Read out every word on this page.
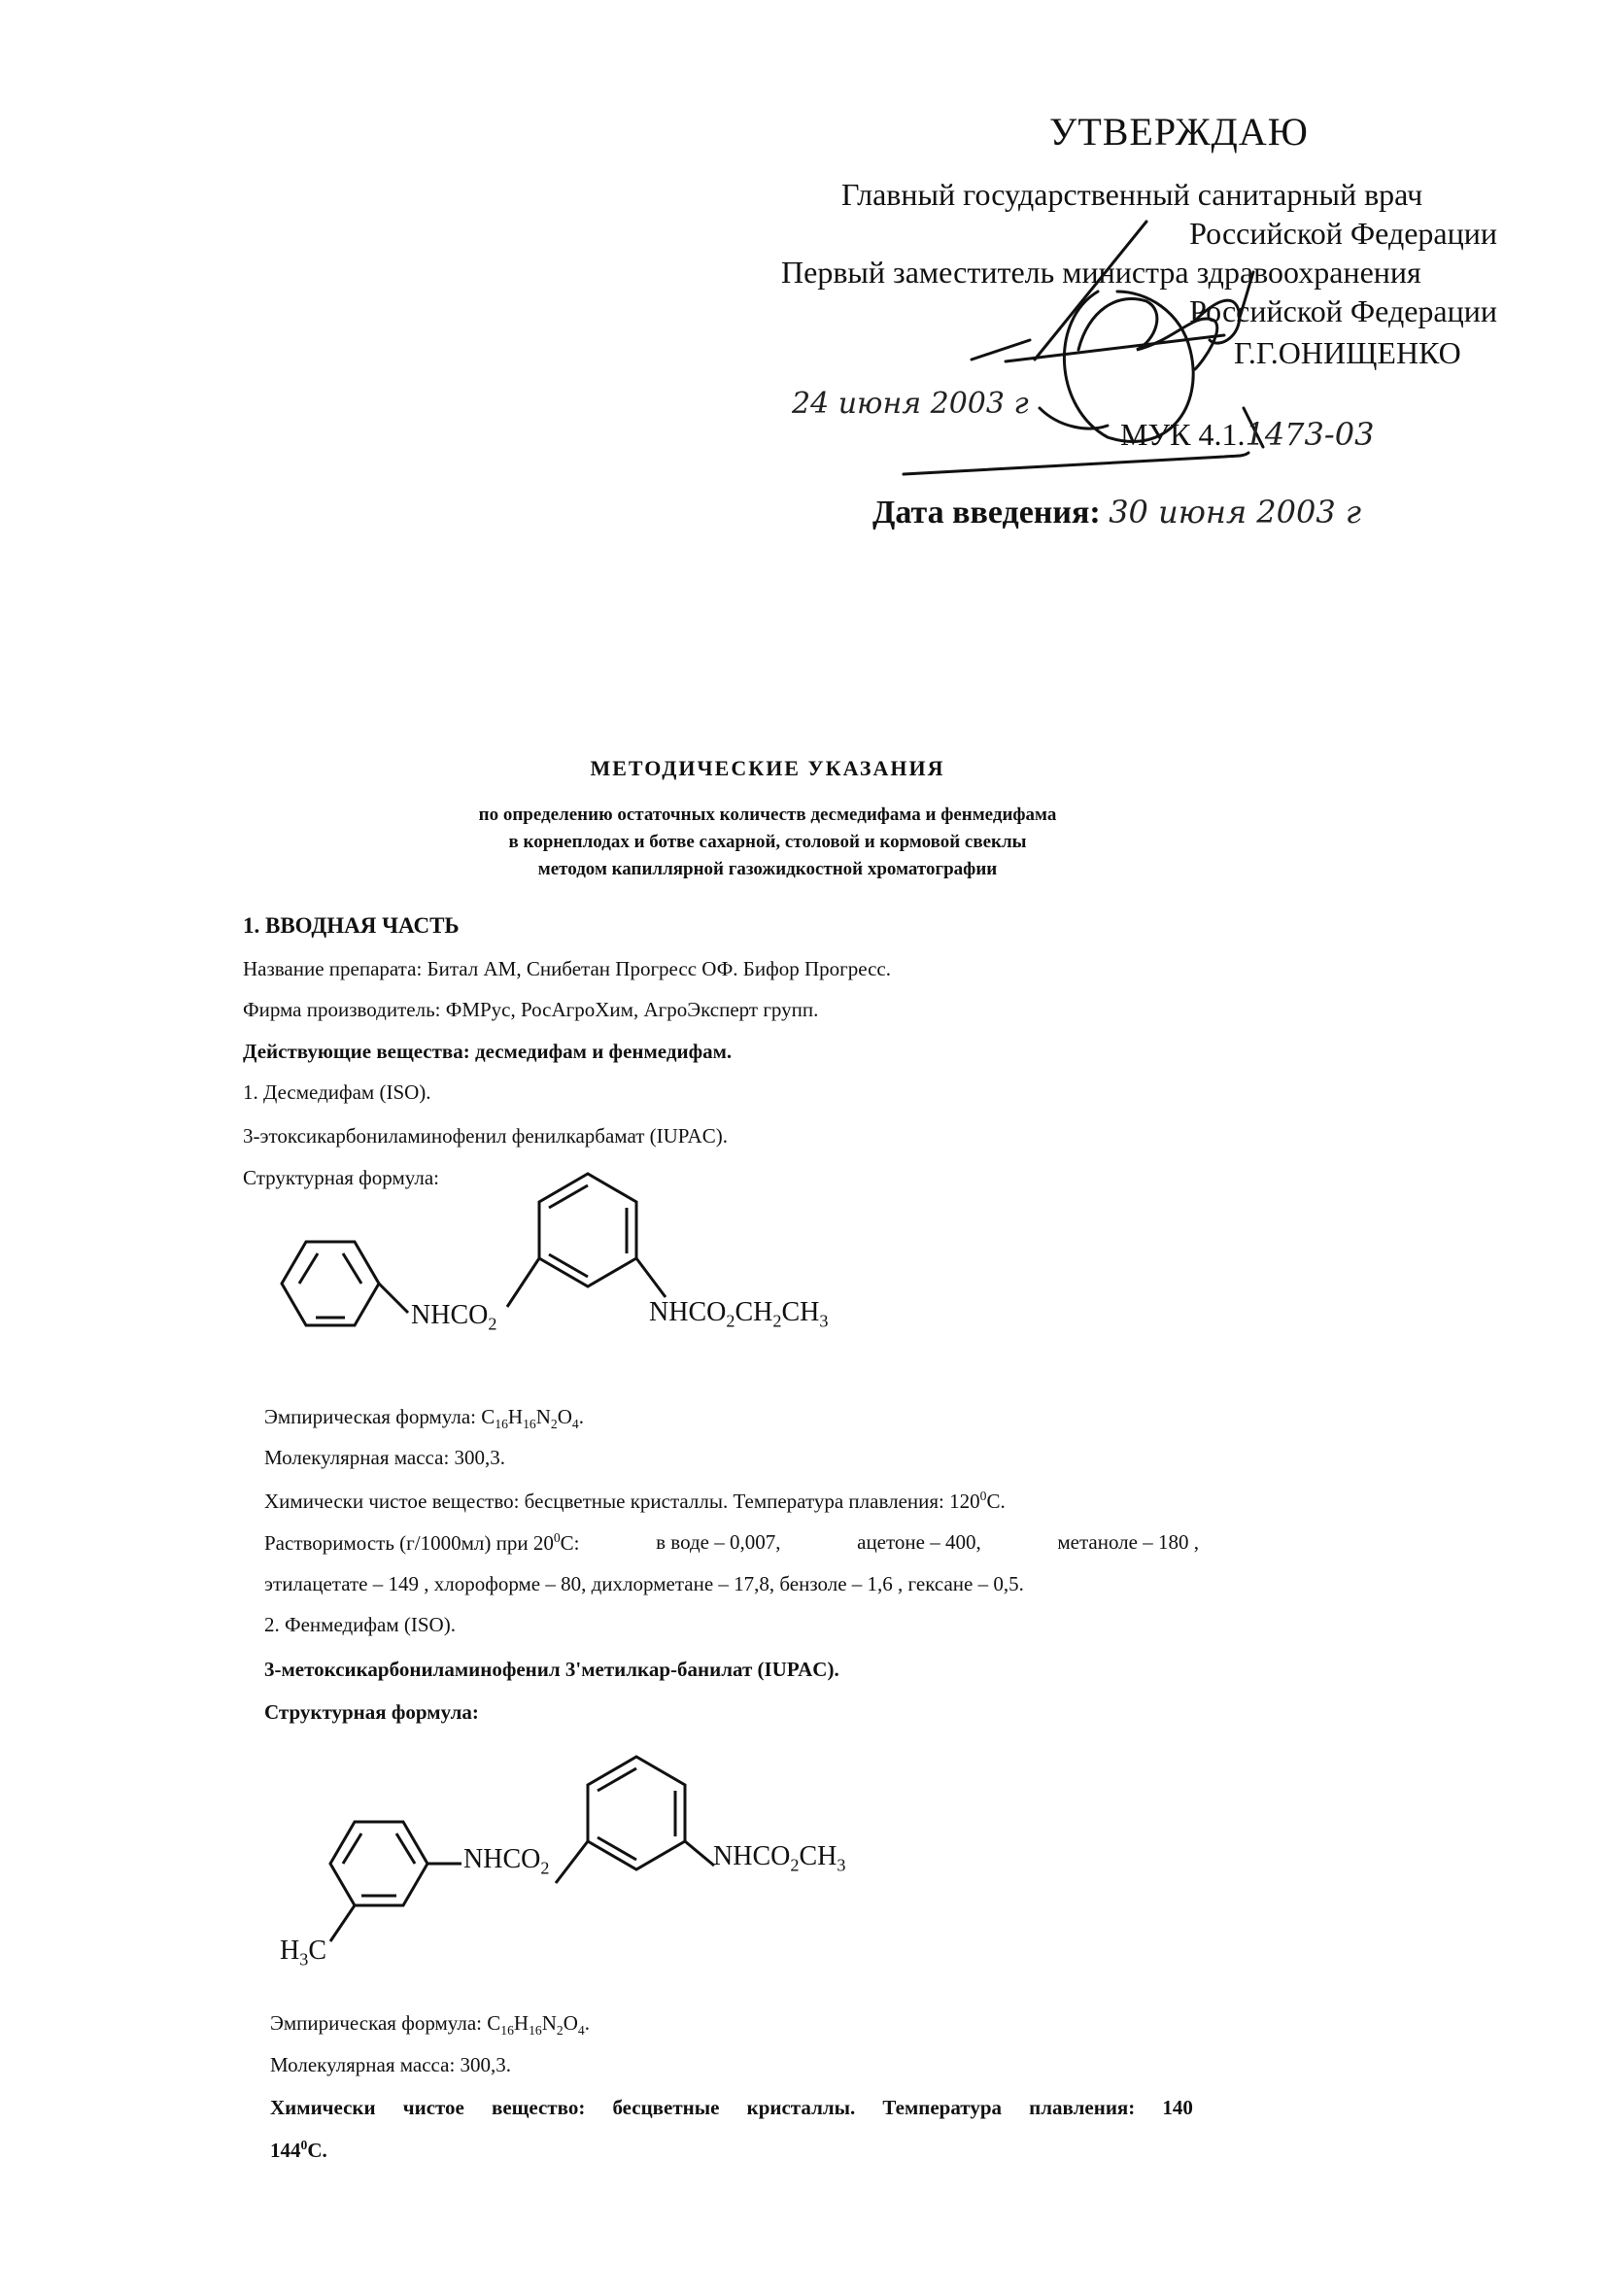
УТВЕРЖДАЮ
Главный государственный санитарный врач
Российской Федерации
Первый заместитель министра здравоохранения
Российской Федерации
Г.Г.ОНИЩЕНКО
24 июня 2003 г
МУК 4.1.1473-03
Дата введения: 30 июня 2003 г
МЕТОДИЧЕСКИЕ УКАЗАНИЯ
по определению остаточных количеств десмедифама и фенмедифама
в корнеплодах и ботве сахарной, столовой и кормовой свеклы
методом капиллярной газожидкостной хроматографии
1. ВВОДНАЯ ЧАСТЬ
Название препарата: Битал АМ, Снибетан Прогресс ОФ. Бифор Прогресс.
Фирма производитель: ФМРус, РосАгроХим, АгроЭксперт групп.
Действующие вещества: десмедифам и фенмедифам.
1. Десмедифам (ISO).
3-этоксикарбониламинофенил фенилкарбамат (IUPAC).
Структурная формула:
$NHCO_2$	$NHCO_2CH_2CH_3$
Эмпирическая формула: $C_{16}H_{16}N_2O_4$.
Молекулярная масса: 300,3.
Химически чистое вещество: бесцветные кристаллы. Температура плавления: $120^0С$.
Растворимость (г/1000мл) при $20^0С$:	в воде – 0,007,	ацетоне – 400,	метаноле – 180 ,
этилацетате – 149 , хлороформе – 80, дихлорметане – 17,8, бензоле – 1,6 , гексане – 0,5.
2. Фенмедифам (ISO).
3-метоксикарбониламинофенил 3'метилкар-банилат (IUPAC).
Структурная формула:
$NHCO_2$	$NHCO_2CH_3$
$H_3C$
Эмпирическая формула: $C_{16}H_{16}N_2O_4$.
Молекулярная масса: 300,3.
Химически чистое вещество: бесцветные кристаллы. Температура плавления: 140
$144^0С$.
